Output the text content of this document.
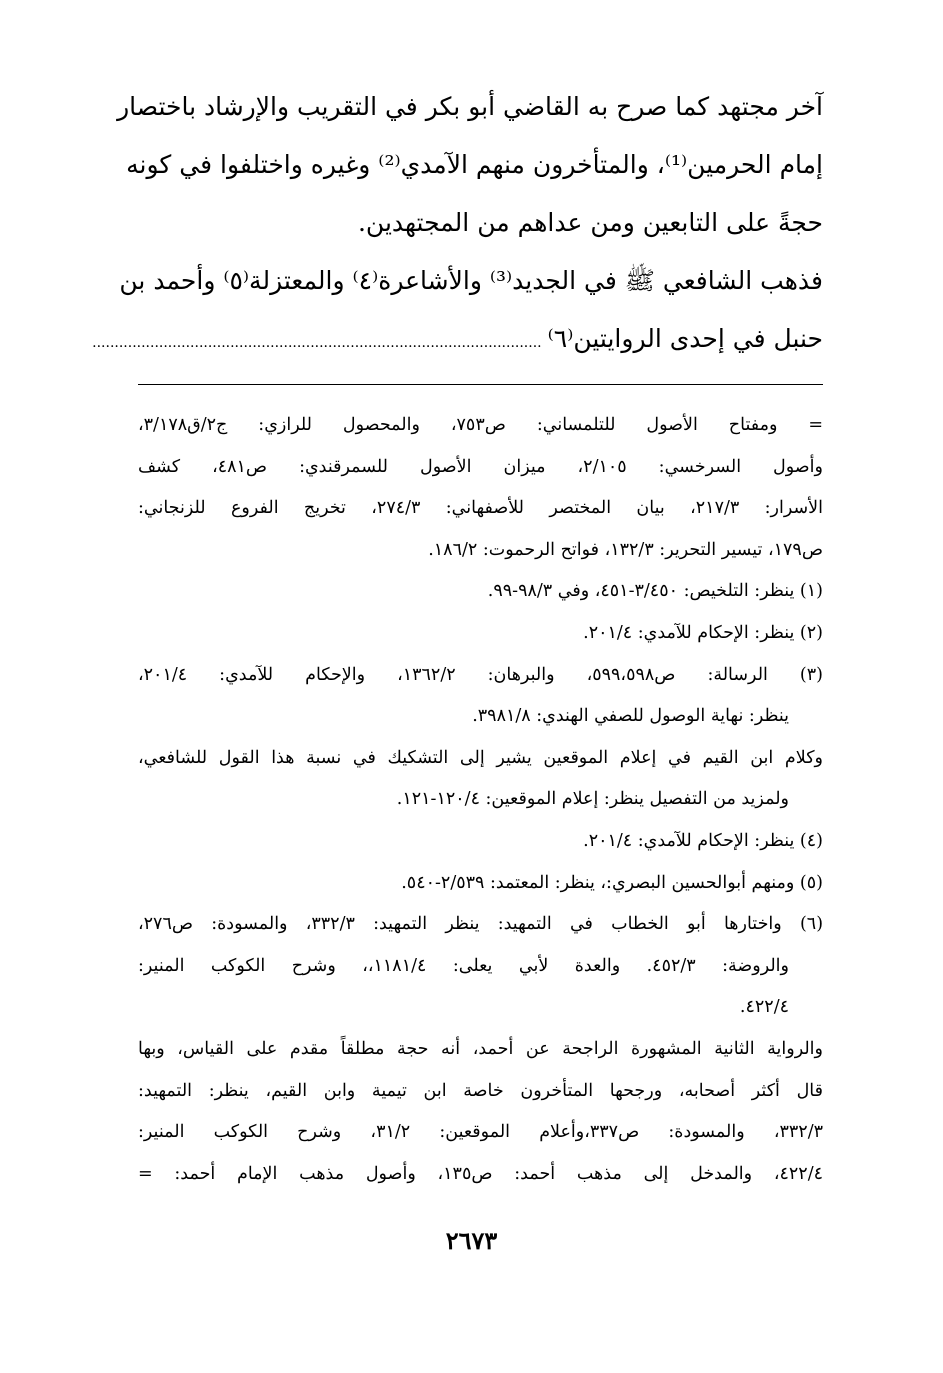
آخر مجتهد كما صرح به القاضي أبو بكر في التقريب والإرشاد باختصار
إمام الحرمين⁽¹⁾، والمتأخرون منهم الآمدي⁽²⁾ وغيره واختلفوا في كونه
حجةً على التابعين ومن عداهم من المجتهدين.
فذهب الشافعي ﷺ في الجديد⁽³⁾ والأشاعرة⁽٤⁾ والمعتزلة⁽٥⁾ وأحمد بن
حنبل في إحدى الروايتين⁽٦⁾.....................................................................................................
= ومفتاح الأصول للتلمساني: ص٧٥٣، والمحصول للرازي: ج٢/ق٣/١٧٨،
وأصول السرخسي: ٢/١٠٥، ميزان الأصول للسمرقندي: ص٤٨١، كشف
الأسرار: ٢١٧/٣، بيان المختصر للأصفهاني: ٢٧٤/٣، تخريج الفروع للزنجاني:
ص١٧٩، تيسير التحرير: ١٣٢/٣، فواتح الرحموت: ١٨٦/٢.
(١) ينظر: التلخيص: ٣/٤٥٠-٤٥١، وفي ٩٨/٣-٩٩.
(٢) ينظر: الإحكام للآمدي: ٢٠١/٤.
(٣) الرسالة: ص٥٩٩،٥٩٨، والبرهان: ١٣٦٢/٢، والإحكام للآمدي: ٢٠١/٤،
ينظر: نهاية الوصول للصفي الهندي: ٣٩٨١/٨.
وكلام ابن القيم في إعلام الموقعين يشير إلى التشكيك في نسبة هذا القول للشافعي،
ولمزيد من التفصيل ينظر: إعلام الموقعين: ١٢٠/٤-١٢١.
(٤) ينظر: الإحكام للآمدي: ٢٠١/٤.
(٥) ومنهم أبوالحسين البصري:، ينظر: المعتمد: ٢/٥٣٩-٥٤٠.
(٦) واختارها أبو الخطاب في التمهيد: ينظر التمهيد: ٣٣٢/٣، والمسودة: ص٢٧٦،
والروضة: ٤٥٢/٣. والعدة لأبي يعلى: ١١٨١/٤،، وشرح الكوكب المنير:
٤٢٢/٤.
والرواية الثانية المشهورة الراجحة عن أحمد، أنه حجة مطلقاً مقدم على القياس، وبها
قال أكثر أصحابه، ورجحها المتأخرون خاصة ابن تيمية وابن القيم، ينظر: التمهيد:
٣٣٢/٣، والمسودة: ص٣٣٧،وأعلام الموقعين: ٣١/٢، وشرح الكوكب المنير:
٤٢٢/٤، والمدخل إلى مذهب أحمد: ص١٣٥، وأصول مذهب الإمام أحمد: =
٢٦٧٣
